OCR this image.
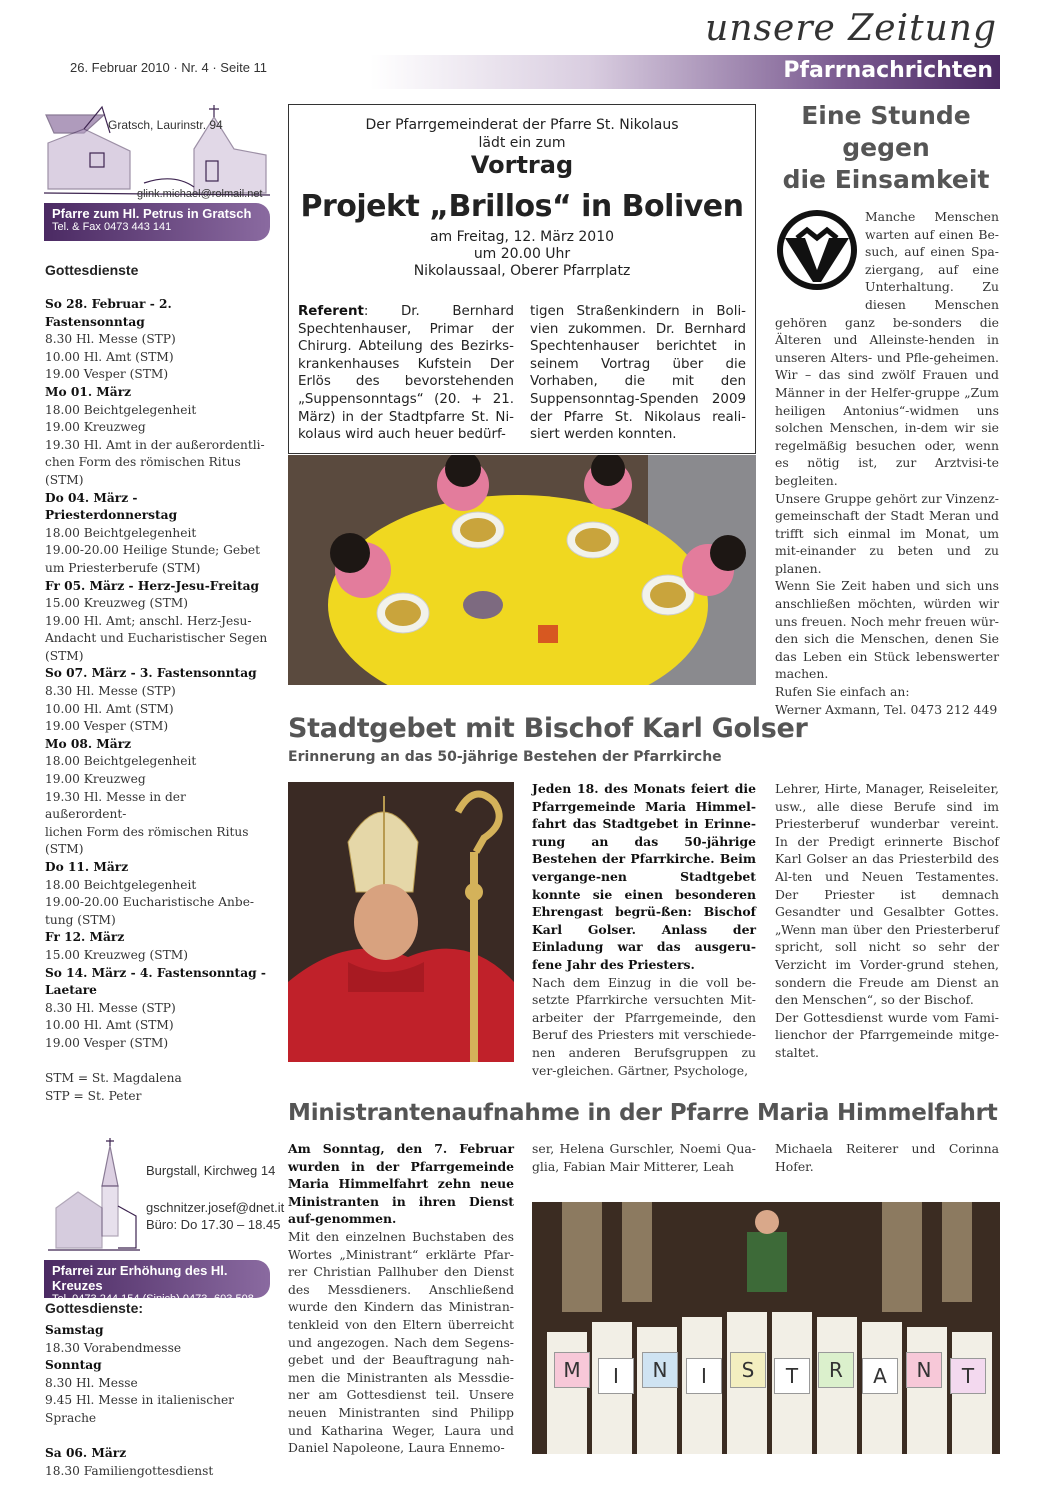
unsere Zeitung
Pfarrnachrichten
26. Februar 2010 · Nr. 4 · Seite 11
Gratsch, Laurinstr. 94
glink.michael@rolmail.net
Pfarre zum Hl. Petrus in Gratsch
Tel. & Fax 0473 443 141
Gottesdienste
So 28. Februar - 2. Fastensonntag
8.30 Hl. Messe (STP)
10.00 Hl. Amt (STM)
19.00 Vesper (STM)
Mo 01. März
18.00 Beichtgelegenheit
19.00 Kreuzweg
19.30 Hl. Amt in der außerordentli-
chen Form des römischen Ritus
(STM)
Do 04. März - Priesterdonnerstag
18.00 Beichtgelegenheit
19.00-20.00 Heilige Stunde; Gebet
um Priesterberufe (STM)
Fr 05. März - Herz-Jesu-Freitag
15.00 Kreuzweg (STM)
19.00 Hl. Amt; anschl. Herz-Jesu-
Andacht und Eucharistischer Segen
(STM)
So 07. März - 3. Fastensonntag
8.30 Hl. Messe (STP)
10.00 Hl. Amt (STM)
19.00 Vesper (STM)
Mo 08. März
18.00 Beichtgelegenheit
19.00 Kreuzweg
19.30 Hl. Messe in der außerordent-
lichen Form des römischen Ritus
(STM)
Do 11. März
18.00 Beichtgelegenheit
19.00-20.00 Eucharistische Anbe-
tung (STM)
Fr 12. März
15.00 Kreuzweg (STM)
So 14. März - 4. Fastensonntag -
Laetare
8.30 Hl. Messe (STP)
10.00 Hl. Amt (STM)
19.00 Vesper (STM)
STM = St. Magdalena
STP = St. Peter
Burgstall, Kirchweg 14
gschnitzer.josef@dnet.it
Büro: Do 17.30 – 18.45
Pfarrei zur Erhöhung des Hl. Kreuzes
Tel. 0473 244 154 (Sinich) 0473- 603 508
Gottesdienste:
Samstag
18.30 Vorabendmesse
Sonntag
8.30 Hl. Messe
9.45 Hl. Messe in italienischer Sprache
Sa 06. März
18.30 Familiengottesdienst
Der Pfarrgemeinderat der Pfarre St. Nikolaus
lädt ein zum
Vortrag
Projekt „Brillos“ in Boliven
am Freitag, 12. März 2010
um 20.00 Uhr
Nikolaussaal, Oberer Pfarrplatz
Referent: Dr. Bernhard Spechtenhauser, Primar der Chirurg. Abteilung des Bezirks-krankenhauses Kufstein Der Erlös des bevorstehenden „Suppensonntags“ (20. + 21. März) in der Stadtpfarre St. Ni-kolaus wird auch heuer bedürf-
tigen Straßenkindern in Boli-vien zukommen. Dr. Bernhard Spechtenhauser berichtet in seinem Vortrag über die Vorhaben, die mit den Suppensonntag-Spenden 2009 der Pfarre St. Nikolaus reali-siert werden konnten.
Eine Stunde
gegen
die Einsamkeit
Manche Menschen warten auf einen Be-such, auf einen Spa-ziergang, auf eine Unterhaltung. Zu diesen Menschen gehören ganz be-sonders die Älteren und Alleinste-henden in unseren Alters- und Pfle-geheimen. Wir – das sind zwölf Frauen und Männer in der Helfer-gruppe „Zum heiligen Antonius“-widmen uns solchen Menschen, in-dem wir sie regelmäßig besuchen oder, wenn es nötig ist, zur Arztvisi-te begleiten.
Unsere Gruppe gehört zur Vinzenz-gemeinschaft der Stadt Meran und trifft sich einmal im Monat, um mit-einander zu beten und zu planen.
Wenn Sie Zeit haben und sich uns anschließen möchten, würden wir uns freuen. Noch mehr freuen wür-den sich die Menschen, denen Sie das Leben ein Stück lebenswerter machen.
Rufen Sie einfach an:
Werner Axmann, Tel. 0473 212 449
Stadtgebet mit Bischof Karl Golser
Erinnerung an das 50-jährige Bestehen der Pfarrkirche
Jeden 18. des Monats feiert die Pfarrgemeinde Maria Himmel-fahrt das Stadtgebet in Erinne-rung an das 50-jährige Bestehen der Pfarrkirche. Beim vergange-nen Stadtgebet konnte sie einen besonderen Ehrengast begrü-ßen: Bischof Karl Golser. Anlass der Einladung war das ausgeru-fene Jahr des Priesters.
Nach dem Einzug in die voll be-setzte Pfarrkirche versuchten Mit-arbeiter der Pfarrgemeinde, den Beruf des Priesters mit verschiede-nen anderen Berufsgruppen zu ver-gleichen. Gärtner, Psychologe,
Lehrer, Hirte, Manager, Reiseleiter, usw., alle diese Berufe sind im Priesterberuf wunderbar vereint. In der Predigt erinnerte Bischof Karl Golser an das Priesterbild des Al-ten und Neuen Testamentes. Der Priester ist demnach Gesandter und Gesalbter Gottes. „Wenn man über den Priesterberuf spricht, soll nicht so sehr der Verzicht im Vorder-grund stehen, sondern die Freude am Dienst an den Menschen“, so der Bischof.
Der Gottesdienst wurde vom Fami-lienchor der Pfarrgemeinde mitge-staltet.
Ministrantenaufnahme in der Pfarre Maria Himmelfahrt
Am Sonntag, den 7. Februar wurden in der Pfarrgemeinde Maria Himmelfahrt zehn neue Ministranten in ihren Dienst auf-genommen.
Mit den einzelnen Buchstaben des Wortes „Ministrant“ erklärte Pfar-rer Christian Pallhuber den Dienst des Messdieners. Anschließend wurde den Kindern das Ministran-tenkleid von den Eltern überreicht und angezogen. Nach dem Segens-gebet und der Beauftragung nah-men die Ministranten als Messdie-ner am Gottesdienst teil. Unsere neuen Ministranten sind Philipp und Katharina Weger, Laura und Daniel Napoleone, Laura Ennemo-
ser, Helena Gurschler, Noemi Qua-glia, Fabian Mair Mitterer, Leah
Michaela Reiterer und Corinna Hofer.
M	I	N	I	S	T	R	A	N	T
